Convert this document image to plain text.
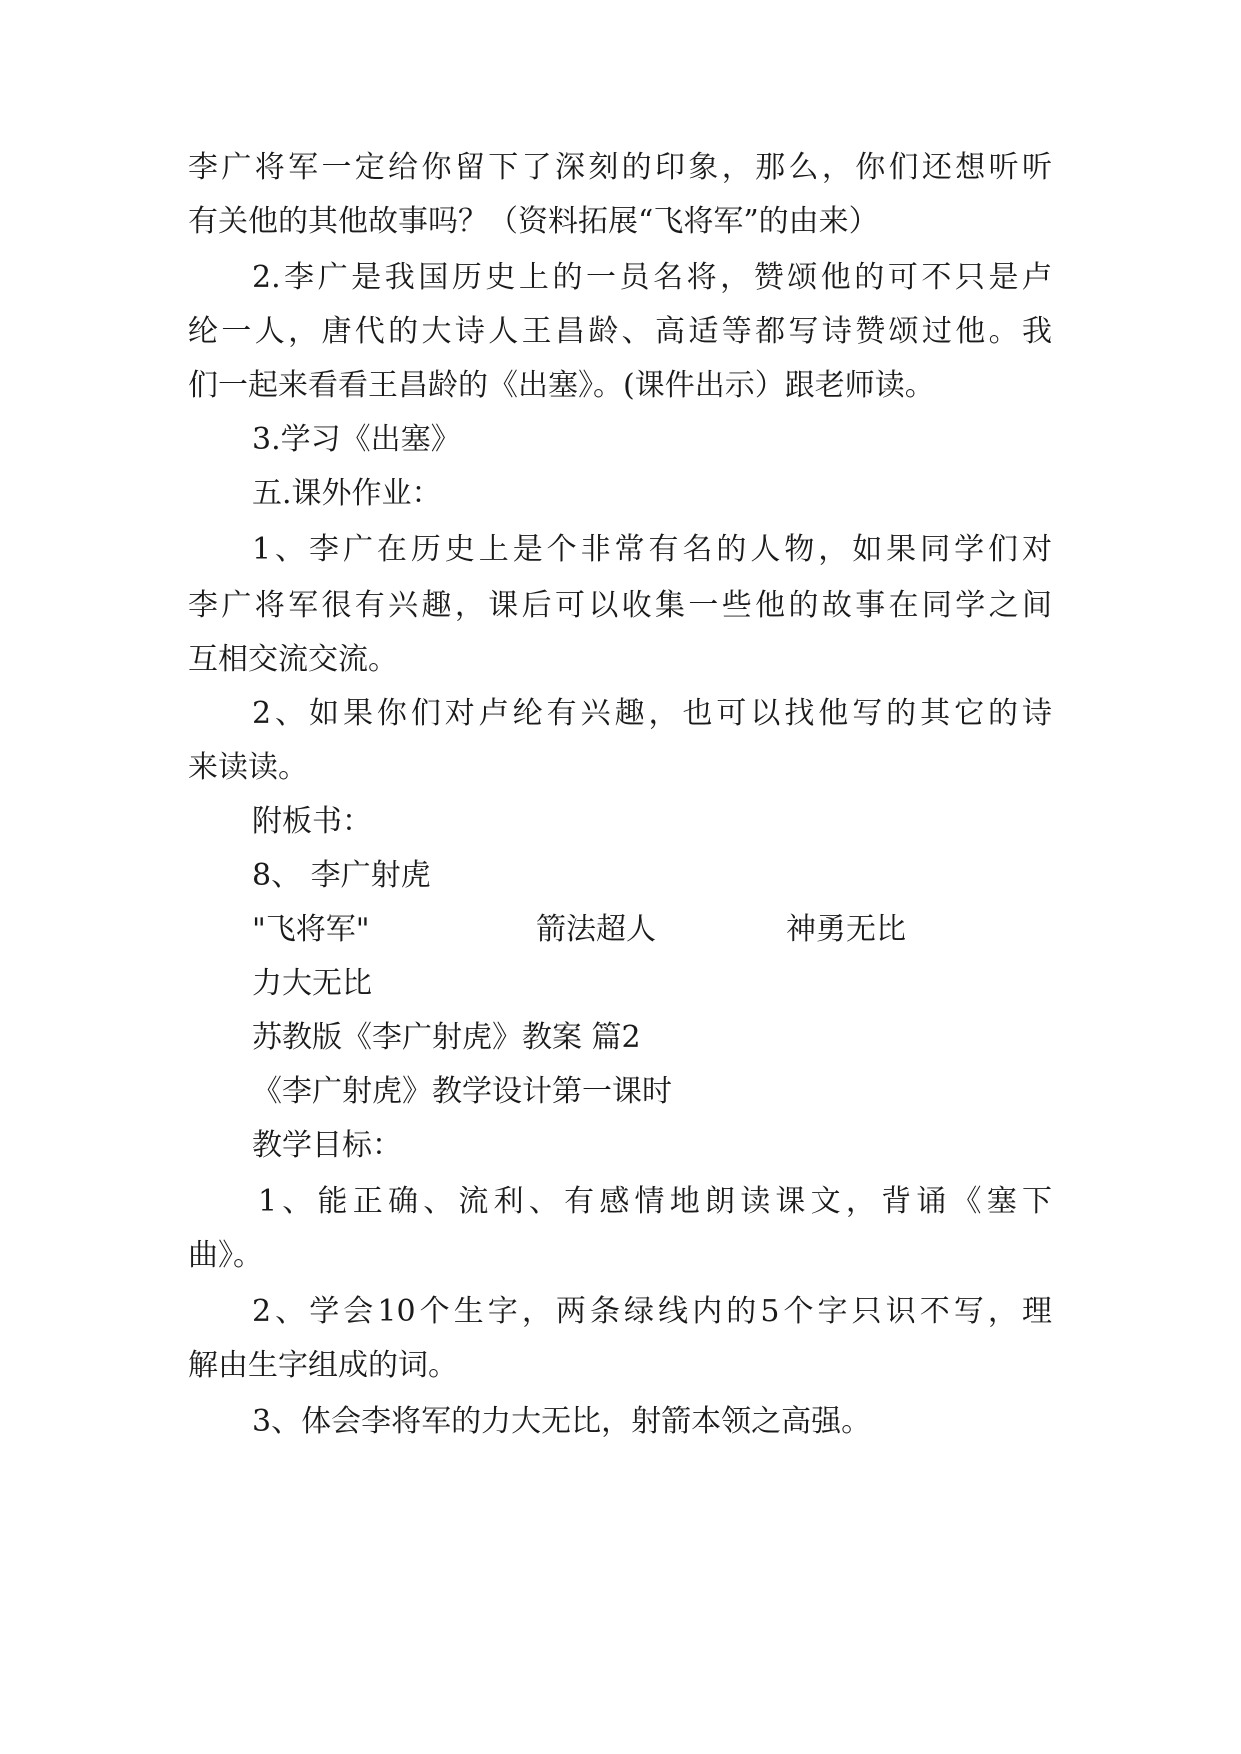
李广将军一定给你留下了深刻的印象，那么，你们还想听听
有关他的其他故事吗？（资料拓展“飞将军”的由来）
2.李广是我国历史上的一员名将，赞颂他的可不只是卢
纶一人，唐代的大诗人王昌龄、高适等都写诗赞颂过他。我
们一起来看看王昌龄的《出塞》。(课件出示）跟老师读。
3.学习《出塞》
五.课外作业：
1、李广在历史上是个非常有名的人物，如果同学们对
李广将军很有兴趣，课后可以收集一些他的故事在同学之间
互相交流交流。
2、如果你们对卢纶有兴趣，也可以找他写的其它的诗
来读读。
附板书：
8、 李广射虎
"飞将军"	箭法超人	神勇无比
力大无比
苏教版《李广射虎》教案 篇2
《李广射虎》教学设计第一课时
教学目标：
1、能正确、流利、有感情地朗读课文，背诵《塞下
曲》。
2、学会10个生字，两条绿线内的5个字只识不写，理
解由生字组成的词。
3、体会李将军的力大无比，射箭本领之高强。
